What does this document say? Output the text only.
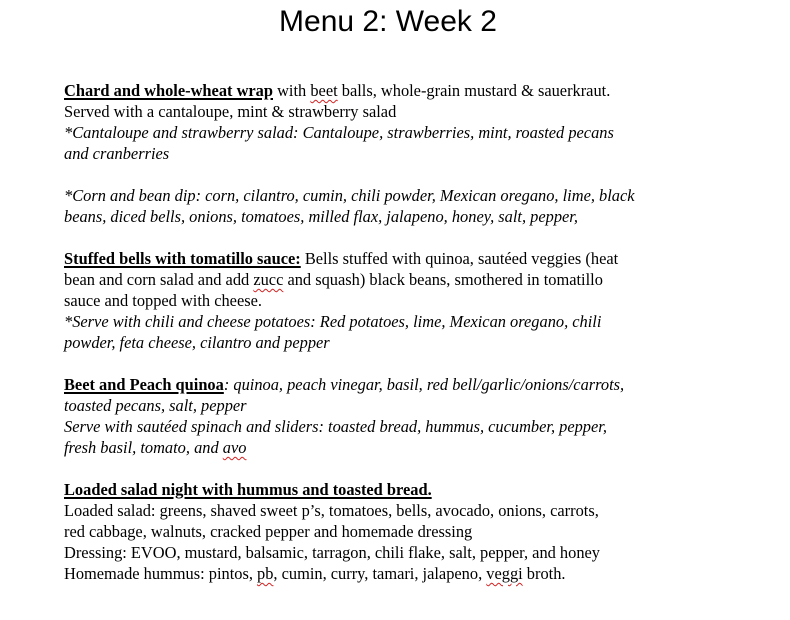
Menu 2: Week 2
Chard and whole-wheat wrap with beet balls, whole-grain mustard & sauerkraut.
Served with a cantaloupe, mint & strawberry salad
*Cantaloupe and strawberry salad: Cantaloupe, strawberries, mint, roasted pecans
and cranberries
*Corn and bean dip: corn, cilantro, cumin, chili powder, Mexican oregano, lime, black
beans, diced bells, onions, tomatoes, milled flax, jalapeno, honey, salt, pepper,
Stuffed bells with tomatillo sauce: Bells stuffed with quinoa, sautéed veggies (heat
bean and corn salad and add zucc and squash) black beans, smothered in tomatillo
sauce and topped with cheese.
*Serve with chili and cheese potatoes: Red potatoes, lime, Mexican oregano, chili
powder, feta cheese, cilantro and pepper
Beet and Peach quinoa: quinoa, peach vinegar, basil, red bell/garlic/onions/carrots,
toasted pecans, salt, pepper
Serve with sautéed spinach and sliders: toasted bread, hummus, cucumber, pepper,
fresh basil, tomato, and avo
Loaded salad night with hummus and toasted bread.
Loaded salad: greens, shaved sweet p’s, tomatoes, bells, avocado, onions, carrots,
red cabbage, walnuts, cracked pepper and homemade dressing
Dressing: EVOO, mustard, balsamic, tarragon, chili flake, salt, pepper, and honey
Homemade hummus: pintos, pb, cumin, curry, tamari, jalapeno, veggi broth.
